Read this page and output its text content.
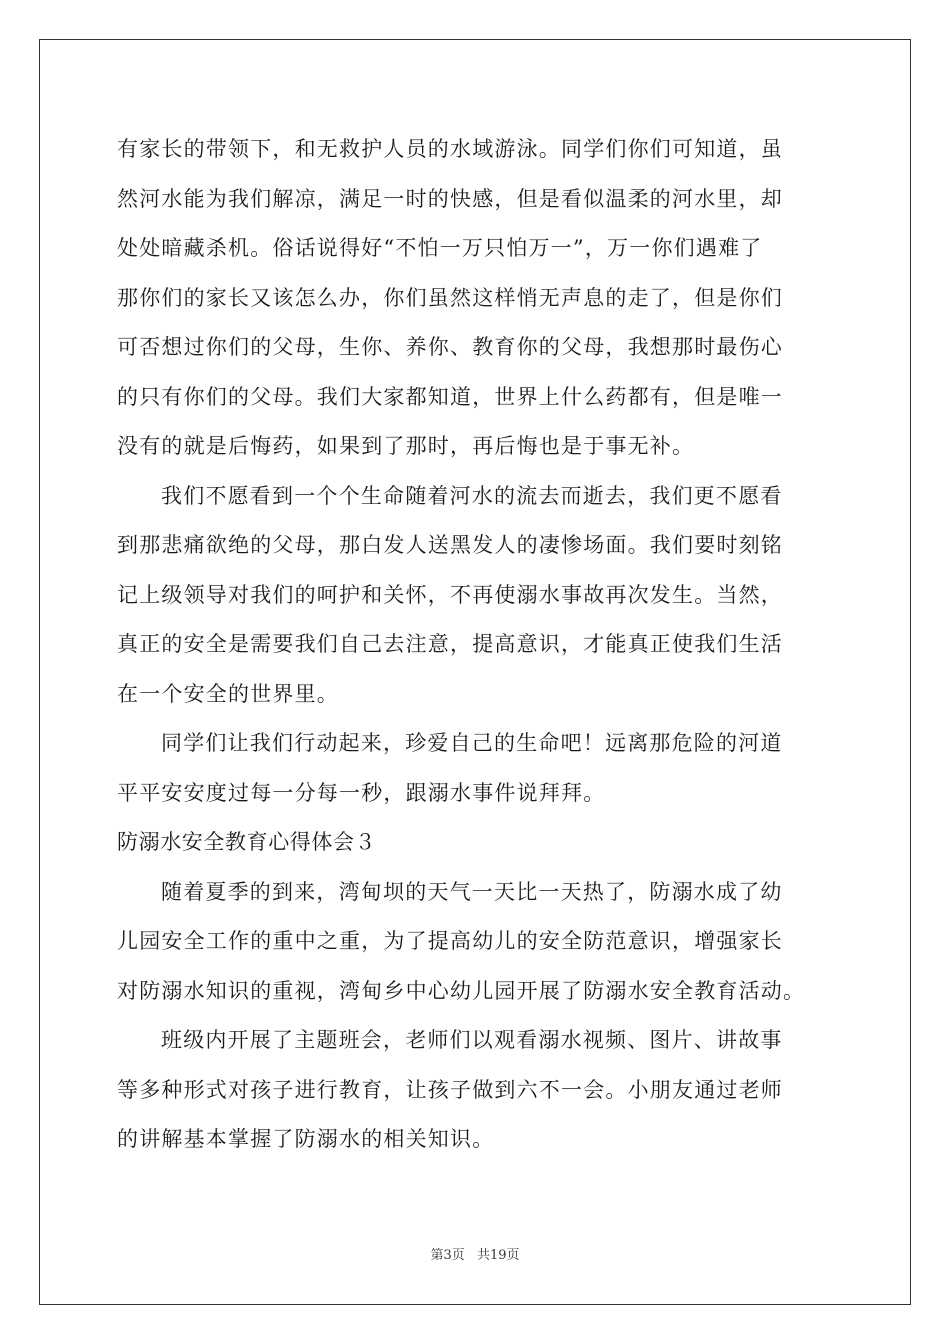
有家长的带领下，和无救护人员的水域游泳。同学们你们可知道，虽
然河水能为我们解凉，满足一时的快感，但是看似温柔的河水里，却
处处暗藏杀机。俗话说得好“不怕一万只怕万一”，万一你们遇难了
那你们的家长又该怎么办，你们虽然这样悄无声息的走了，但是你们
可否想过你们的父母，生你、养你、教育你的父母，我想那时最伤心
的只有你们的父母。我们大家都知道，世界上什么药都有，但是唯一
没有的就是后悔药，如果到了那时，再后悔也是于事无补。
我们不愿看到一个个生命随着河水的流去而逝去，我们更不愿看
到那悲痛欲绝的父母，那白发人送黑发人的凄惨场面。我们要时刻铭
记上级领导对我们的呵护和关怀，不再使溺水事故再次发生。当然，
真正的安全是需要我们自己去注意，提高意识，才能真正使我们生活
在一个安全的世界里。
同学们让我们行动起来，珍爱自己的生命吧！远离那危险的河道
平平安安度过每一分每一秒，跟溺水事件说拜拜。
防溺水安全教育心得体会３
随着夏季的到来，湾甸坝的天气一天比一天热了，防溺水成了幼
儿园安全工作的重中之重，为了提高幼儿的安全防范意识，增强家长
对防溺水知识的重视，湾甸乡中心幼儿园开展了防溺水安全教育活动。
班级内开展了主题班会，老师们以观看溺水视频、图片、讲故事
等多种形式对孩子进行教育，让孩子做到六不一会。小朋友通过老师
的讲解基本掌握了防溺水的相关知识。
第3页 共19页
